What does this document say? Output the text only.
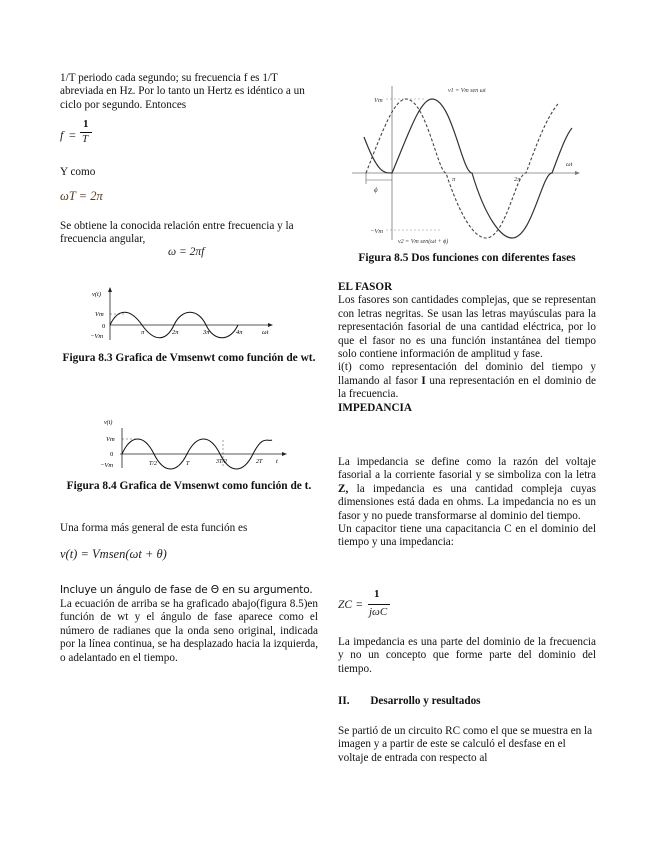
1/T periodo cada segundo; su frecuencia f es 1/T abreviada en Hz. Por lo tanto un Hertz es idéntico a un ciclo por segundo. Entonces

f =
1
T

Y como

ωT = 2π

Se obtiene la conocida relación entre frecuencia y la frecuencia angular,

ω = 2πf
v(t)
Vm
0
−Vm
π	2π	3π	4π	ωt

Figura 8.3 Grafica de Vmsenwt como función de wt.

v(t)
Vm
0
−Vm	T/2	T	3T/2	2T t

Figura 8.4 Grafica de Vmsenwt como función de t.

Una forma más general de esta función es

v(t) = Vmsen(ωt + θ)

Incluye un ángulo de fase de Θ en su argumento.

La ecuación de arriba se ha graficado abajo(figura 8.5)en función de wt y el ángulo de fase aparece como el número de radianes que la onda seno original, indicada por la línea continua, se ha desplazado hacia la izquierda, o adelantado en el tiempo.

v1 = Vm sen ωt
Vm
−Vm
v2 = Vm sen(ωt + ϕ)
ϕ
π	2π
ωt

Figura 8.5 Dos funciones con diferentes fases

EL FASOR

Los fasores son cantidades complejas, que se representan con letras negritas. Se usan las letras mayúsculas para la representación fasorial de una cantidad eléctrica, por lo que el fasor no es una función instantánea del tiempo solo contiene información de amplitud y fase.

i(t) como representación del dominio del tiempo y llamando al fasor I una representación en el dominio de la frecuencia.

IMPEDANCIA

La impedancia se define como la razón del voltaje fasorial a la corriente fasorial y se simboliza con la letra Z, la impedancia es una cantidad compleja cuyas dimensiones está dada en ohms. La impedancia no es un fasor y no puede transformarse al dominio del tiempo.

Un capacitor tiene una capacitancia C en el dominio del tiempo y una impedancia:

ZC =
1
jωC

La impedancia es una parte del dominio de la frecuencia y no un concepto que forme parte del dominio del tiempo.

II. Desarrollo y resultados

Se partió de un circuito RC como el que se muestra en la imagen y a partir de este se calculó el desfase en el voltaje de entrada con respecto al
